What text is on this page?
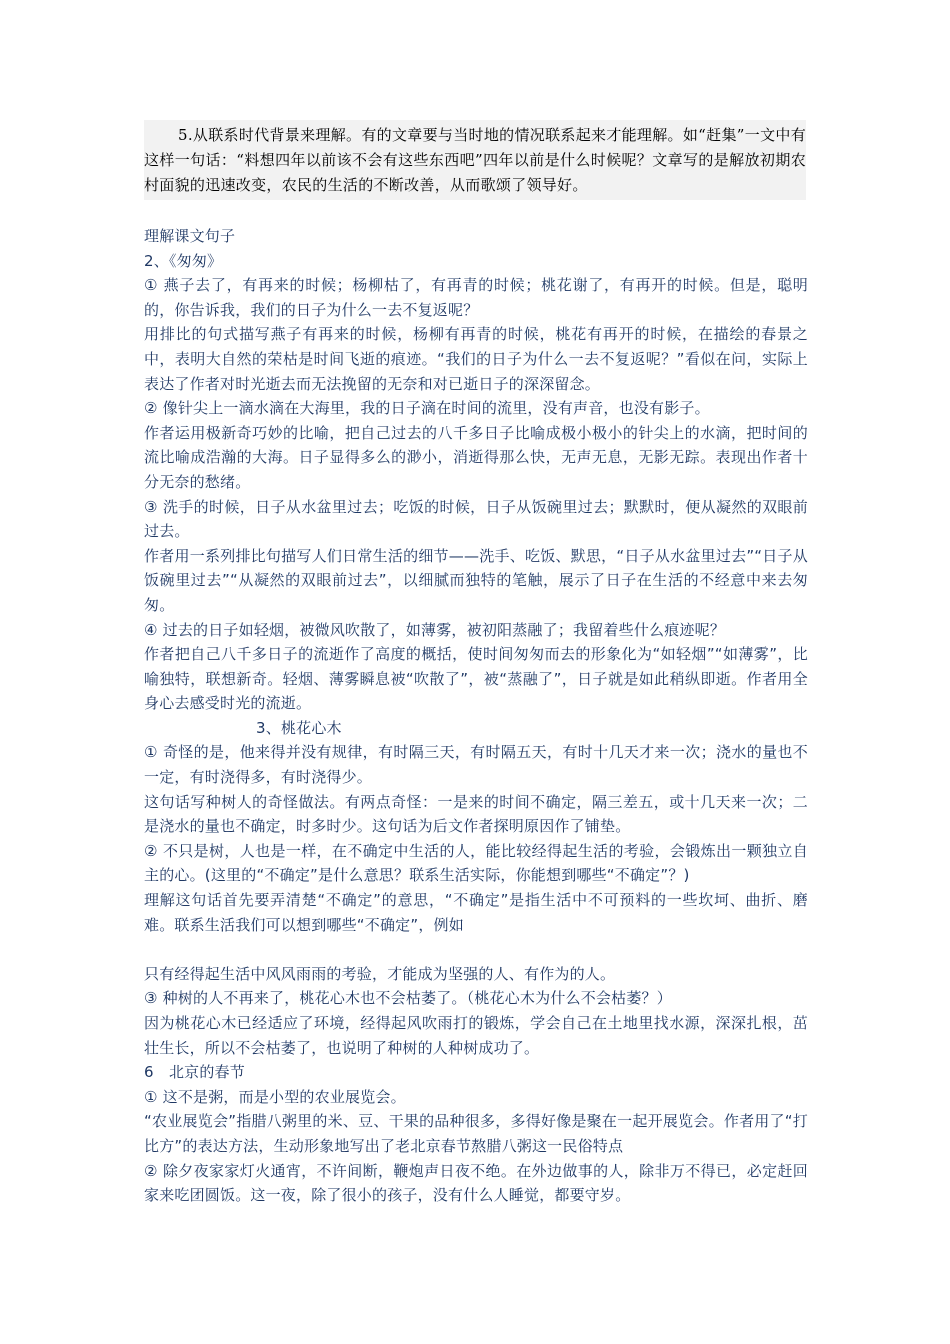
5.从联系时代背景来理解。有的文章要与当时地的情况联系起来才能理解。如“赶集”一文中有这样一句话：“料想四年以前该不会有这些东西吧”四年以前是什么时候呢？文章写的是解放初期农村面貌的迅速改变，农民的生活的不断改善，从而歌颂了领导好。

理解课文句子

2、《匆匆》

① 燕子去了，有再来的时候；杨柳枯了，有再青的时候；桃花谢了，有再开的时候。但是，聪明的，你告诉我，我们的日子为什么一去不复返呢？

用排比的句式描写燕子有再来的时候，杨柳有再青的时候，桃花有再开的时候，在描绘的春景之中，表明大自然的荣枯是时间飞逝的痕迹。“我们的日子为什么一去不复返呢？”看似在问，实际上表达了作者对时光逝去而无法挽留的无奈和对已逝日子的深深留念。

② 像针尖上一滴水滴在大海里，我的日子滴在时间的流里，没有声音，也没有影子。

作者运用极新奇巧妙的比喻，把自己过去的八千多日子比喻成极小极小的针尖上的水滴，把时间的流比喻成浩瀚的大海。日子显得多么的渺小，消逝得那么快，无声无息，无影无踪。表现出作者十分无奈的愁绪。

③ 洗手的时候，日子从水盆里过去；吃饭的时候，日子从饭碗里过去；默默时，便从凝然的双眼前过去。

作者用一系列排比句描写人们日常生活的细节——洗手、吃饭、默思，“日子从水盆里过去”“日子从饭碗里过去”“从凝然的双眼前过去”，以细腻而独特的笔触，展示了日子在生活的不经意中来去匆匆。

④ 过去的日子如轻烟，被微风吹散了，如薄雾，被初阳蒸融了；我留着些什么痕迹呢？

作者把自己八千多日子的流逝作了高度的概括，使时间匆匆而去的形象化为“如轻烟”“如薄雾”，比喻独特，联想新奇。轻烟、薄雾瞬息被“吹散了”，被“蒸融了”，日子就是如此稍纵即逝。作者用全身心去感受时光的流逝。

3、桃花心木

① 奇怪的是，他来得并没有规律，有时隔三天，有时隔五天，有时十几天才来一次；浇水的量也不一定，有时浇得多，有时浇得少。

这句话写种树人的奇怪做法。有两点奇怪：一是来的时间不确定，隔三差五，或十几天来一次；二是浇水的量也不确定，时多时少。这句话为后文作者探明原因作了铺垫。

② 不只是树，人也是一样，在不确定中生活的人，能比较经得起生活的考验，会锻炼出一颗独立自主的心。(这里的“不确定”是什么意思？联系生活实际，你能想到哪些“不确定”？)

理解这句话首先要弄清楚“不确定”的意思，“不确定”是指生活中不可预料的一些坎坷、曲折、磨难。联系生活我们可以想到哪些“不确定”，例如

只有经得起生活中风风雨雨的考验，才能成为坚强的人、有作为的人。

③ 种树的人不再来了，桃花心木也不会枯萎了。（桃花心木为什么不会枯萎？）

因为桃花心木已经适应了环境，经得起风吹雨打的锻炼，学会自己在土地里找水源，深深扎根，茁壮生长，所以不会枯萎了，也说明了种树的人种树成功了。

6　北京的春节

① 这不是粥，而是小型的农业展览会。

“农业展览会”指腊八粥里的米、豆、干果的品种很多，多得好像是聚在一起开展览会。作者用了“打比方”的表达方法，生动形象地写出了老北京春节熬腊八粥这一民俗特点

② 除夕夜家家灯火通宵，不许间断，鞭炮声日夜不绝。在外边做事的人，除非万不得已，必定赶回家来吃团圆饭。这一夜，除了很小的孩子，没有什么人睡觉，都要守岁。
